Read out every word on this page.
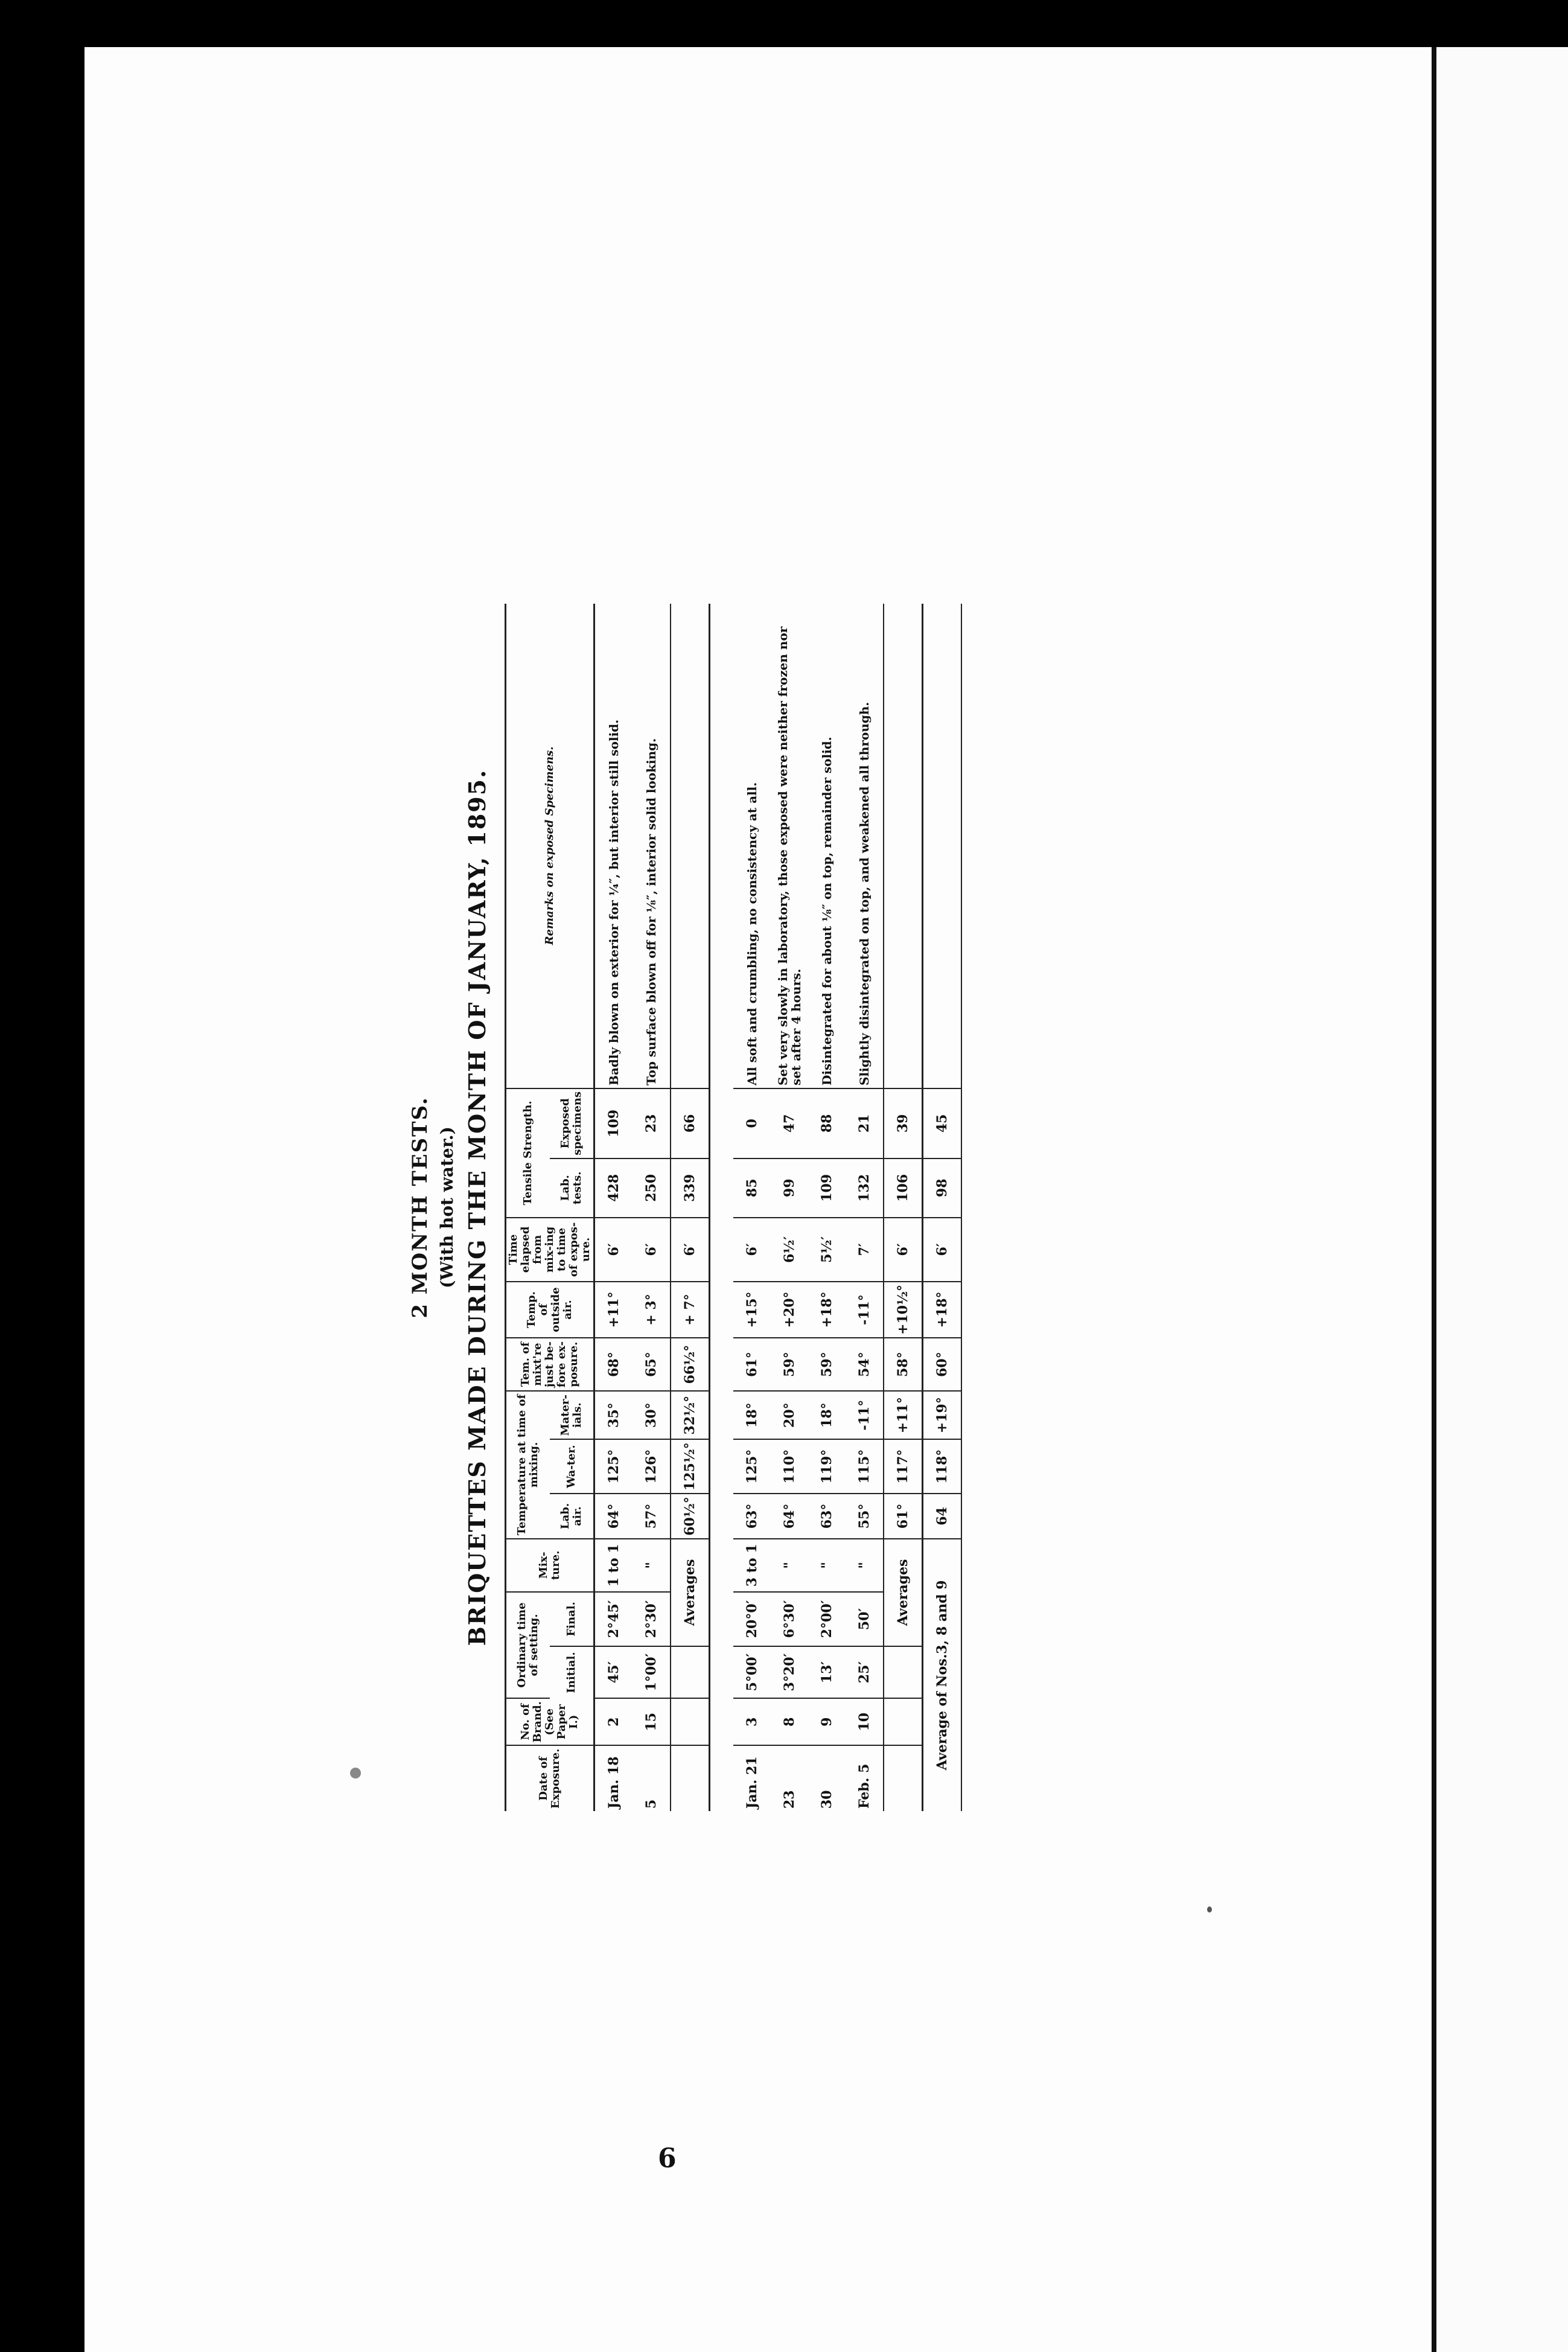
2 MONTH TESTS. (With hot water.) BRIQUETTES MADE DURING THE MONTH OF JANUARY, 1895.
Date of Exposure.	No. of Brand. (See Paper I.)	Ordinary time of setting.		Mix-ture.	Temperature at time of mixing.			Tem. of mixt're just be-fore ex-posure.	Temp. of outside air.	Time elapsed from mix-ing to time of expos-ure.	Tensile Strength.		Remarks on exposed Specimens.
		Initial.	Final.		Lab. air.	Wa-ter.	Mater-ials.				Lab. tests.	Exposed specimens	
Jan. 18	2	45′	2°45′	1 to 1	64°	125°	35°	68°	+11°	6′	428	109	Badly blown on exterior for ¼″, but interior still solid.
5	15	1°00′	2°30′	"	57°	126°	30°	65°	+ 3°	6′	250	23	Top surface blown off for ⅛″, interior solid looking.
			Averages		60½°	125½°	32½°	66½°	+ 7°	6′	339	66	

Jan. 21	3	5°00′	20°0′	3 to 1	63°	125°	18°	61°	+15°	6′	85	0	All soft and crumbling, no consistency at all.
23	8	3°20′	6°30′	"	64°	110°	20°	59°	+20°	6½′	99	47	Set very slowly in laboratory, those exposed were neither frozen nor set after 4 hours.
30	9	13′	2°00′	"	63°	119°	18°	59°	+18°	5½′	109	88	Disintegrated for about ⅛″ on top, remainder solid.
Feb. 5	10	25′	50′	"	55°	115°	-11°	54°	-11°	7′	132	21	Slightly disintegrated on top, and weakened all through.
			Averages		61°	117°	+11°	58°	+10½°	6′	106	39	
Average of Nos.3, 8 and 9					64	118°	+19°	60°	+18°	6′	98	45	
6
